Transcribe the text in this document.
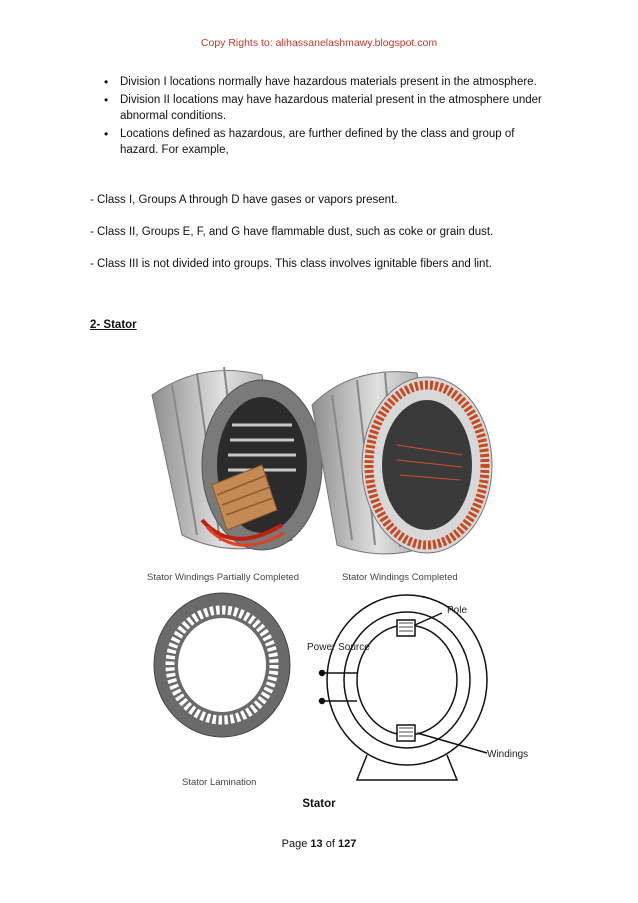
Copy Rights to: alihassanelashmawy.blogspot.com
• Division I locations normally have hazardous materials present in the atmosphere.
• Division II locations may have hazardous material present in the atmosphere under abnormal conditions.
• Locations defined as hazardous, are further defined by the class and group of hazard. For example,
- Class I, Groups A through D have gases or vapors present.
- Class II, Groups E, F, and G have flammable dust, such as coke or grain dust.
- Class III is not divided into groups. This class involves ignitable fibers and lint.
2- Stator
Stator Windings Partially Completed	Stator Windings Completed
Stator Lamination
Pole
Power Source
Windings
Stator
Page 13 of 127
